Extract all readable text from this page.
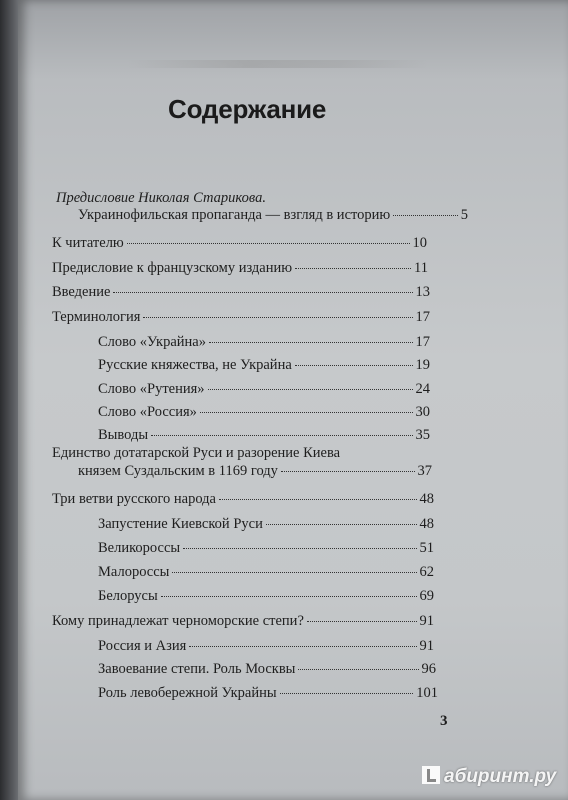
Содержание
Предисловие Николая Старикова.
Украинофильская пропаганда — взгляд в историю	5
К читателю	10
Предисловие к французскому изданию	11
Введение	13
Терминология	17
Слово «Украйна»	17
Русские княжества, не Украйна	19
Слово «Рутения»	24
Слово «Россия»	30
Выводы	35
Единство дотатарской Руси и разорение Киева
князем Суздальским в 1169 году	37
Три ветви русского народа	48
Запустение Киевской Руси	48
Великороссы	51
Малороссы	62
Белорусы	69
Кому принадлежат черноморские степи?	91
Россия и Азия	91
Завоевание степи. Роль Москвы	96
Роль левобережной Украйны	101
3
абиринт.ру
